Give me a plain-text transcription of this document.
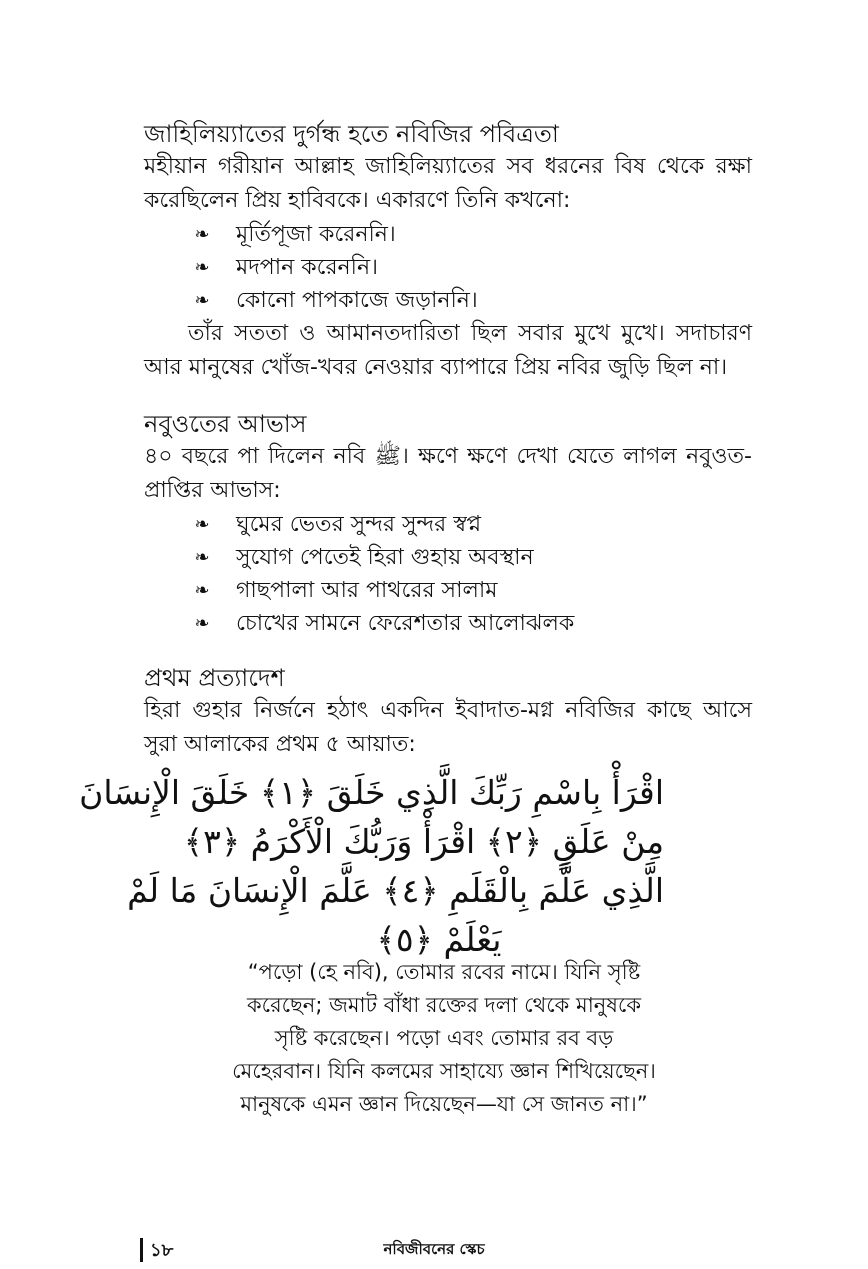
জাহিলিয়্যাতের দুর্গন্ধ হতে নবিজির পবিত্রতা

মহীয়ান গরীয়ান আল্লাহ জাহিলিয়্যাতের সব ধরনের বিষ থেকে রক্ষা করেছিলেন প্রিয় হাবিবকে। একারণে তিনি কখনো:

❧ মূর্তিপূজা করেননি।
❧ মদপান করেননি।
❧ কোনো পাপকাজে জড়াননি।

তাঁর সততা ও আমানতদারিতা ছিল সবার মুখে মুখে। সদাচারণ আর মানুষের খোঁজ-খবর নেওয়ার ব্যাপারে প্রিয় নবির জুড়ি ছিল না।

নবুওতের আভাস

৪০ বছরে পা দিলেন নবি ﷺ। ক্ষণে ক্ষণে দেখা যেতে লাগল নবুওত-প্রাপ্তির আভাস:

❧ ঘুমের ভেতর সুন্দর সুন্দর স্বপ্ন
❧ সুযোগ পেতেই হিরা গুহায় অবস্থান
❧ গাছপালা আর পাথরের সালাম
❧ চোখের সামনে ফেরেশতার আলোঝলক
প্রথম প্রত্যাদেশ

হিরা গুহার নির্জনে হঠাৎ একদিন ইবাদাত-মগ্ন নবিজির কাছে আসে সুরা আলাকের প্রথম ৫ আয়াত:

اقْرَأْ بِاسْمِ رَبِّكَ الَّذِي خَلَقَ ﴿١﴾ خَلَقَ الْإِنسَانَ
مِنْ عَلَقٍ ﴿٢﴾ اقْرَأْ وَرَبُّكَ الْأَكْرَمُ ﴿٣﴾
الَّذِي عَلَّمَ بِالْقَلَمِ ﴿٤﴾ عَلَّمَ الْإِنسَانَ مَا لَمْ
يَعْلَمْ ﴿٥﴾

“পড়ো (হে নবি), তোমার রবের নামে। যিনি সৃষ্টি করেছেন; জমাট বাঁধা রক্তের দলা থেকে মানুষকে সৃষ্টি করেছেন। পড়ো এবং তোমার রব বড় মেহেরবান। যিনি কলমের সাহায্যে জ্ঞান শিখিয়েছেন। মানুষকে এমন জ্ঞান দিয়েছেন—যা সে জানত না।”

১৮	নবিজীবনের স্কেচ
